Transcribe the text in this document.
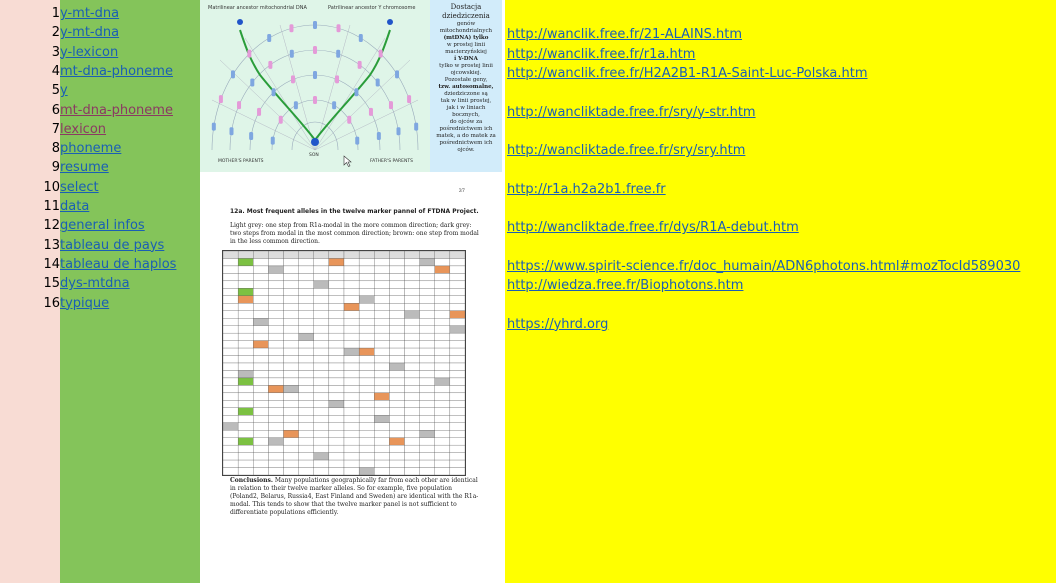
1 y-mt-dna
2 y-mt-dna
3 y-lexicon
4 mt-dna-phoneme
5 y
6 mt-dna-phoneme
7 lexicon
8 phoneme
9 resume
10 select
11 data
12 general infos
13 tableau de pays
14 tableau de haplos
15 dys-mtdna
16 typique
http://wanclik.free.fr/21-ALAINS.htm
http://wanclik.free.fr/r1a.htm
http://wanclik.free.fr/H2A2B1-R1A-Saint-Luc-Polska.htm
http://wancliktade.free.fr/sry/y-str.htm
http://wancliktade.free.fr/sry/sry.htm
http://r1a.h2a2b1.free.fr
http://wancliktade.free.fr/dys/R1A-debut.htm
https://www.spirit-science.fr/doc_humain/ADN6photons.html#mozTocId589030
http://wiedza.free.fr/Biophotons.htm
https://yhrd.org
Matrilinear ancestor mitochondrial DNA	Patrilinear ancestor Y chromosome
MOTHER'S PARENTS	FATHER'S PARENTS
SON
Dostacja dziedziczenia
genów
mitochondrialnych
(mtDNA) tylko
w prostej linii
macierzyńskiej
i Y-DNA
tylko w prostej linii
ojcowskiej.
Pozostałe geny,
tzw. autosomalne,
dziedziczone są
tak w linii prostej,
jak i w liniach
bocznych,
do ojców za
pośrednictwem ich
matek, a do matek za
pośrednictwem ich
ojców.
37
12a. Most frequent alleles in the twelve marker pannel of FTDNA Project.
Light grey: one step from R1a-modal in the more common direction; dark grey: two steps from modal in the most common direction; brown: one step from modal in the less common direction.
Conclusions. Many populations geographically far from each other are identical in relation to their twelve marker alleles. So for example, five population (Poland2, Belarus, Russia4, East Finland and Sweden) are identical with the R1a-modal. This tends to show that the twelve marker panel is not sufficient to differentiate populations efficiently.
